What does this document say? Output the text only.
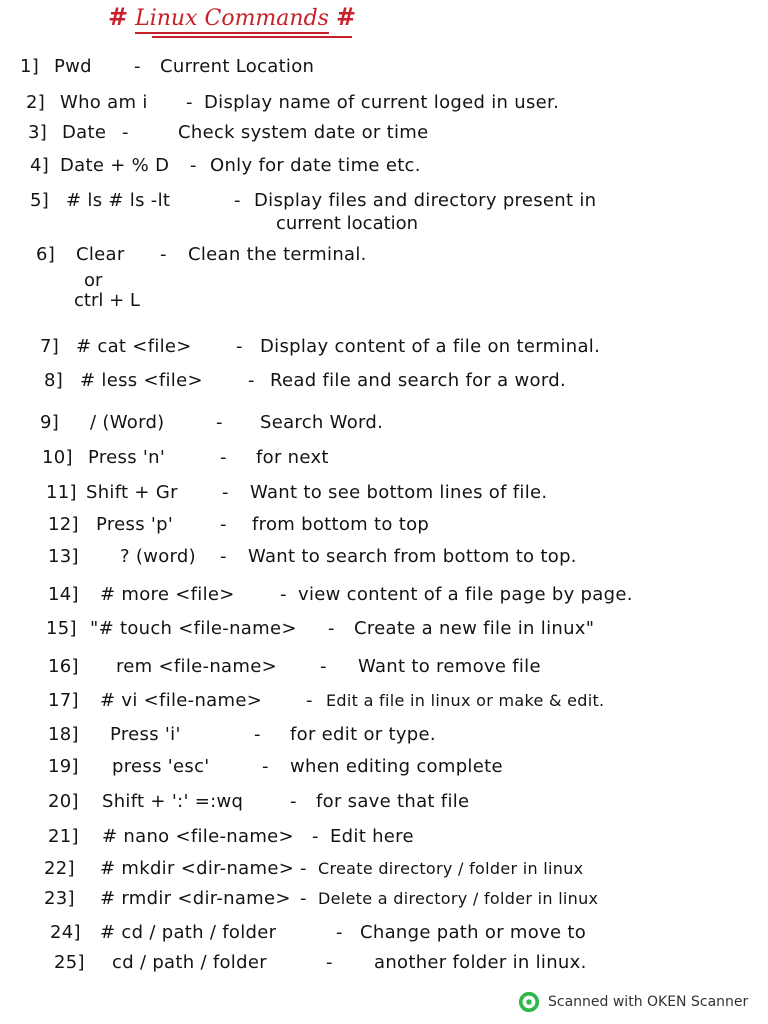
# Linux Commands #
1] Pwd - Current Location
2] Who am i - Display name of current loged in user.
3] Date -	Check system date or time
4] Date + % D - Only for date time etc.
5] # ls # ls -lt	- Display files and directory present in
current location
6] Clear - Clean the terminal.
or
ctrl + L
7] # cat <file> - Display content of a file on terminal.
8] # less <file>	- Read file and search for a word.
9] / (Word)	- Search Word.
10] Press 'n'	- for next
11] Shift + Gr - Want to see bottom lines of file.
12] Press 'p'	- from bottom to top
13] ? (word) - Want to search from bottom to top.
14] # more <file>	- view content of a file page by page.
15] "# touch <file-name> - Create a new file in linux"
16] rem <file-name> - Want to remove file
17] # vi <file-name> - Edit a file in linux or make & edit.
18] Press 'i'	- for edit or type.
19] press 'esc'	- when editing complete
20] Shift + ':' =:wq	- for save that file
21] # nano <file-name> - Edit here
22] # mkdir <dir-name> - Create directory / folder in linux
23] # rmdir <dir-name> - Delete a directory / folder in linux
24] # cd / path / folder	- Change path or move to
25] cd / path / folder	- another folder in linux.
Scanned with OKEN Scanner
